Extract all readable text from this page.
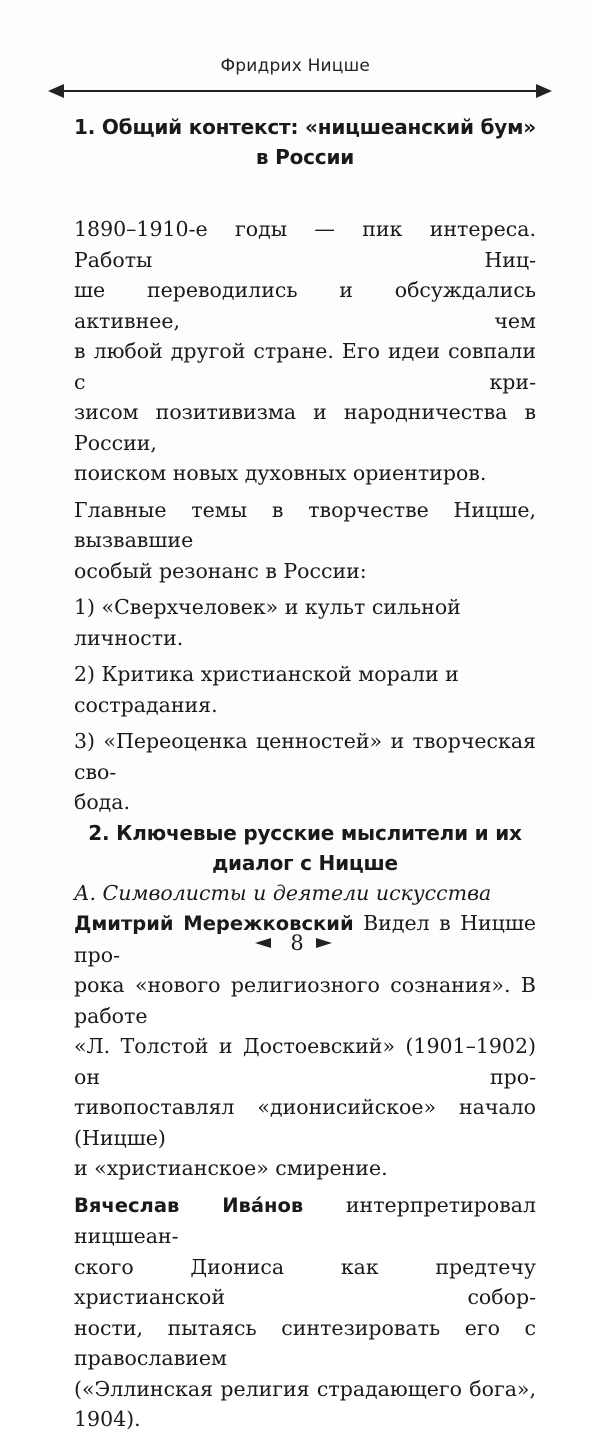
Фридрих Ницше
1. Общий контекст: «ницшеанский бум»
в России

1890–1910-е годы — пик интереса. Работы Ниц-
ше переводились и обсуждались активнее, чем
в любой другой стране. Его идеи совпали с кри-
зисом позитивизма и народничества в России,
поиском новых духовных ориентиров.

Главные темы в творчестве Ницше, вызвавшие
особый резонанс в России:

1) «Сверхчеловек» и культ сильной личности.
2) Критика христианской морали и сострадания.
3) «Переоценка ценностей» и творческая сво-
бода.

2. Ключевые русские мыслители и их
диалог с Ницше

А. Символисты и деятели искусства

Дмитрий Мережковский Видел в Ницше про-
рока «нового религиозного сознания». В работе
«Л. Толстой и Достоевский» (1901–1902) он про-
тивопоставлял «дионисийское» начало (Ницше)
и «христианское» смирение.

Вячеслав Ива́нов интерпретировал ницшеан-
ского Диониса как предтечу христианской собор-
ности, пытаясь синтезировать его с православием
(«Эллинская религия страдающего бога», 1904).

8
